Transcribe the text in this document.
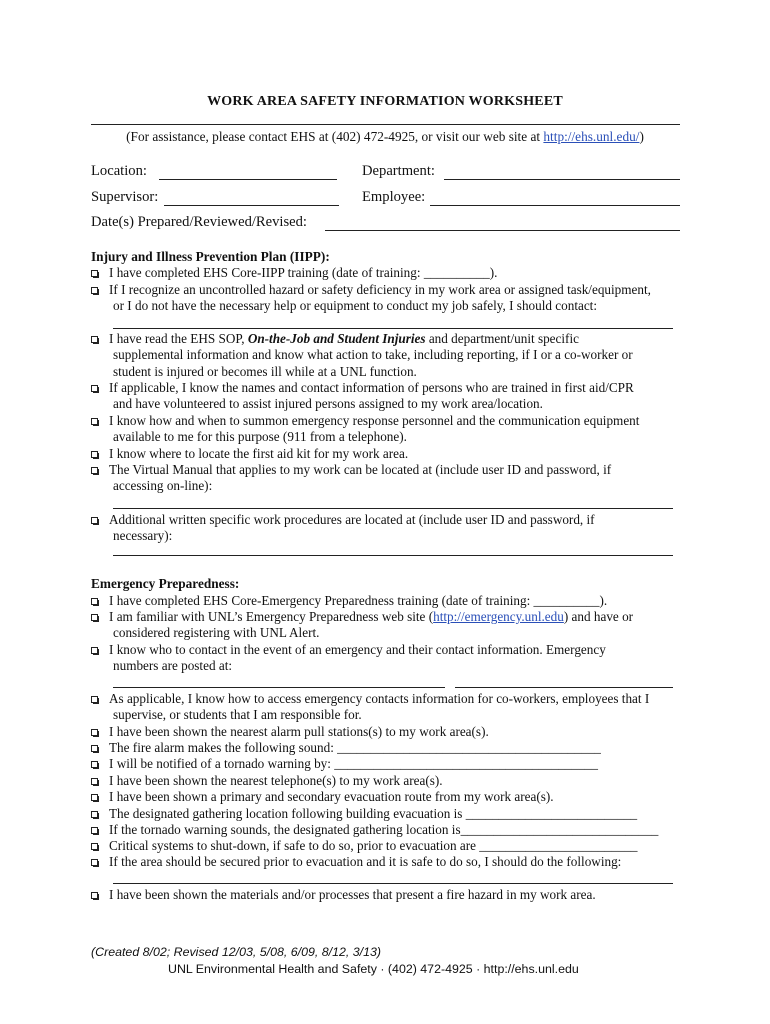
WORK AREA SAFETY INFORMATION WORKSHEET
(For assistance, please contact EHS at (402) 472-4925, or visit our web site at http://ehs.unl.edu/)
Location:	Department:
Supervisor:	Employee:
Date(s) Prepared/Reviewed/Revised:
Injury and Illness Prevention Plan (IIPP):
I have completed EHS Core-IIPP training (date of training: __________).
If I recognize an uncontrolled hazard or safety deficiency in my work area or assigned task/equipment,
or I do not have the necessary help or equipment to conduct my job safely, I should contact:
I have read the EHS SOP, On-the-Job and Student Injuries and department/unit specific
supplemental information and know what action to take, including reporting, if I or a co-worker or
student is injured or becomes ill while at a UNL function.
If applicable, I know the names and contact information of persons who are trained in first aid/CPR
and have volunteered to assist injured persons assigned to my work area/location.
I know how and when to summon emergency response personnel and the communication equipment
available to me for this purpose (911 from a telephone).
I know where to locate the first aid kit for my work area.
The Virtual Manual that applies to my work can be located at (include user ID and password, if
accessing on-line):
Additional written specific work procedures are located at (include user ID and password, if
necessary):
Emergency Preparedness:
I have completed EHS Core-Emergency Preparedness training (date of training: __________).
I am familiar with UNL’s Emergency Preparedness web site (http://emergency.unl.edu) and have or
considered registering with UNL Alert.
I know who to contact in the event of an emergency and their contact information. Emergency
numbers are posted at:
As applicable, I know how to access emergency contacts information for co-workers, employees that I
supervise, or students that I am responsible for.
I have been shown the nearest alarm pull stations(s) to my work area(s).
The fire alarm makes the following sound: ________________________________________
I will be notified of a tornado warning by: ________________________________________
I have been shown the nearest telephone(s) to my work area(s).
I have been shown a primary and secondary evacuation route from my work area(s).
The designated gathering location following building evacuation is __________________________
If the tornado warning sounds, the designated gathering location is______________________________
Critical systems to shut-down, if safe to do so, prior to evacuation are ________________________
If the area should be secured prior to evacuation and it is safe to do so, I should do the following:
I have been shown the materials and/or processes that present a fire hazard in my work area.
(Created 8/02; Revised 12/03, 5/08, 6/09, 8/12, 3/13)
UNL Environmental Health and Safety · (402) 472-4925 · http://ehs.unl.edu
